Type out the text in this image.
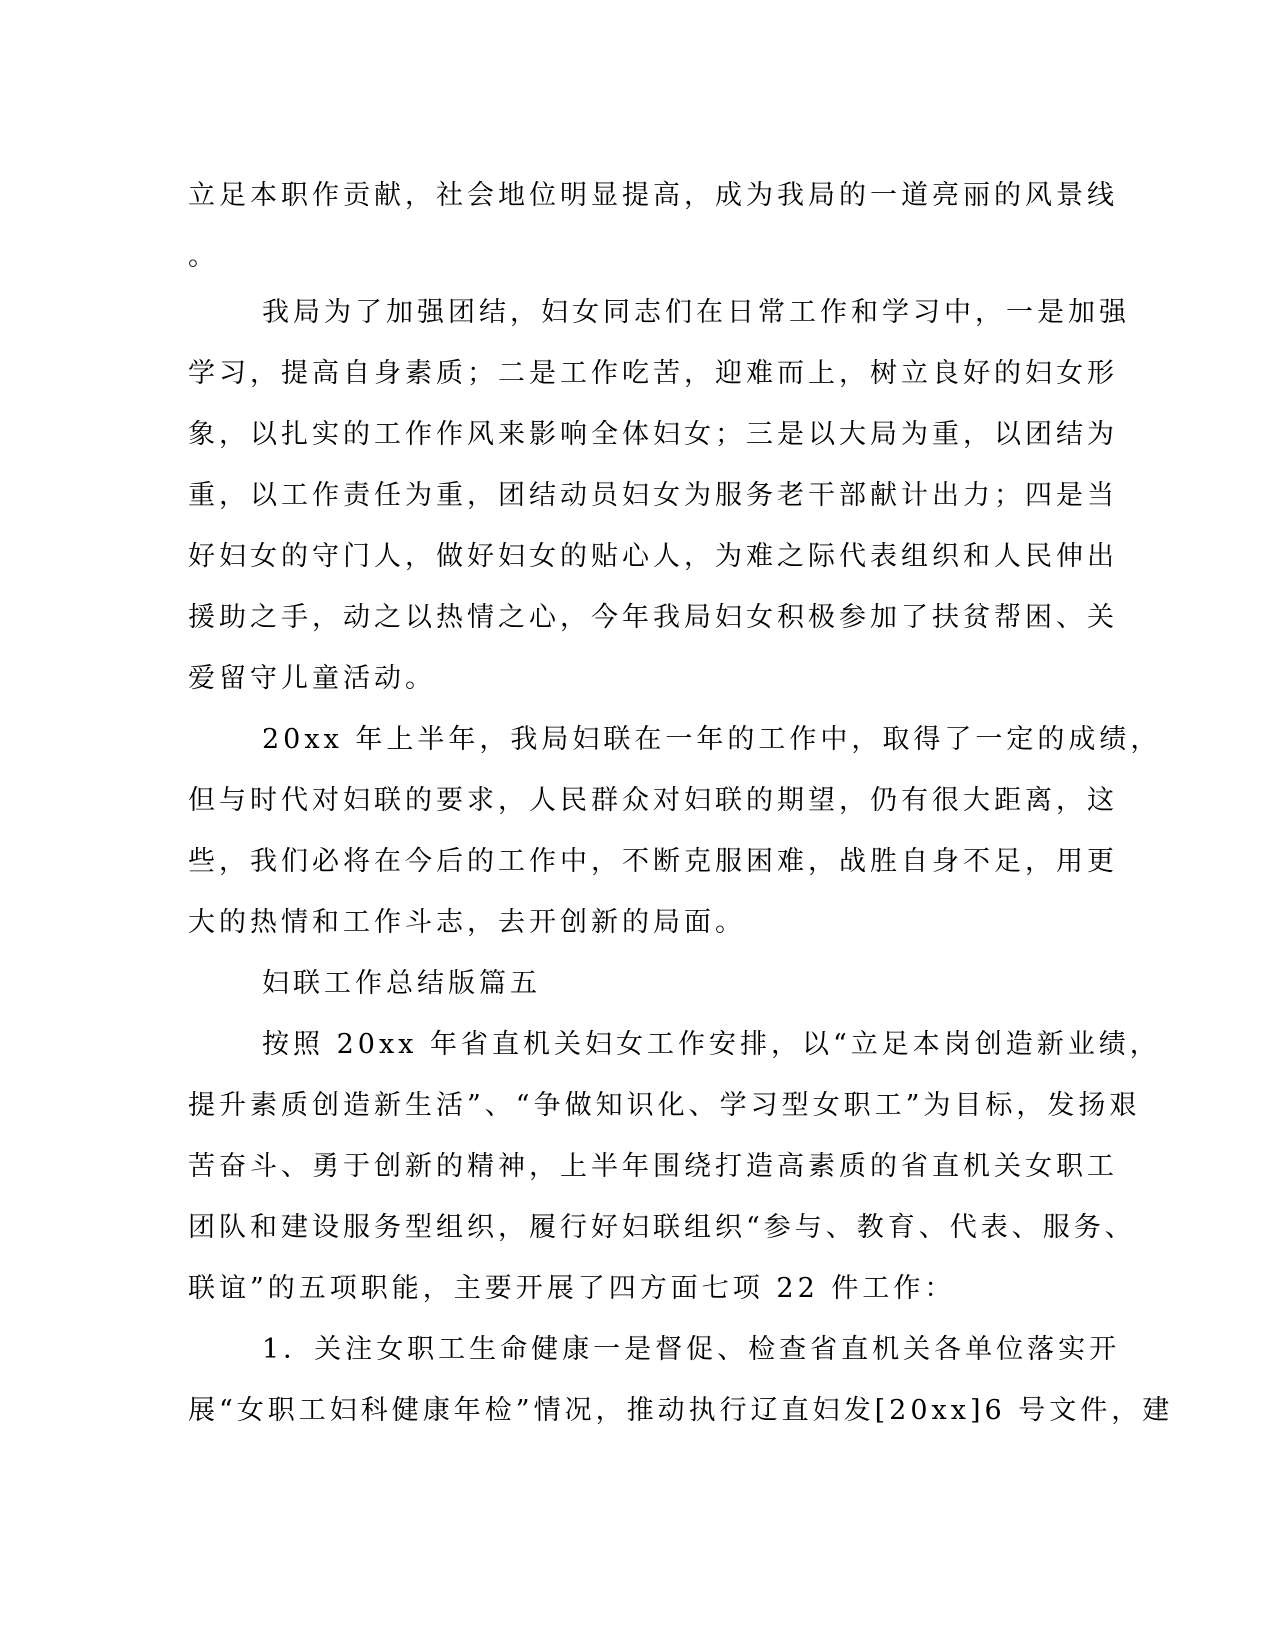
立足本职作贡献，社会地位明显提高，成为我局的一道亮丽的风景线
。
我局为了加强团结，妇女同志们在日常工作和学习中，一是加强
学习，提高自身素质；二是工作吃苦，迎难而上，树立良好的妇女形
象，以扎实的工作作风来影响全体妇女；三是以大局为重，以团结为
重，以工作责任为重，团结动员妇女为服务老干部献计出力；四是当
好妇女的守门人，做好妇女的贴心人，为难之际代表组织和人民伸出
援助之手，动之以热情之心，今年我局妇女积极参加了扶贫帮困、关
爱留守儿童活动。
20xx 年上半年，我局妇联在一年的工作中，取得了一定的成绩，
但与时代对妇联的要求，人民群众对妇联的期望，仍有很大距离，这
些，我们必将在今后的工作中，不断克服困难，战胜自身不足，用更
大的热情和工作斗志，去开创新的局面。
妇联工作总结版篇五
按照 20xx 年省直机关妇女工作安排，以“立足本岗创造新业绩，
提升素质创造新生活”、“争做知识化、学习型女职工”为目标，发扬艰
苦奋斗、勇于创新的精神，上半年围绕打造高素质的省直机关女职工
团队和建设服务型组织，履行好妇联组织“参与、教育、代表、服务、
联谊”的五项职能，主要开展了四方面七项 22 件工作：
1．关注女职工生命健康一是督促、检查省直机关各单位落实开
展“女职工妇科健康年检”情况，推动执行辽直妇发[20xx]6 号文件，建
